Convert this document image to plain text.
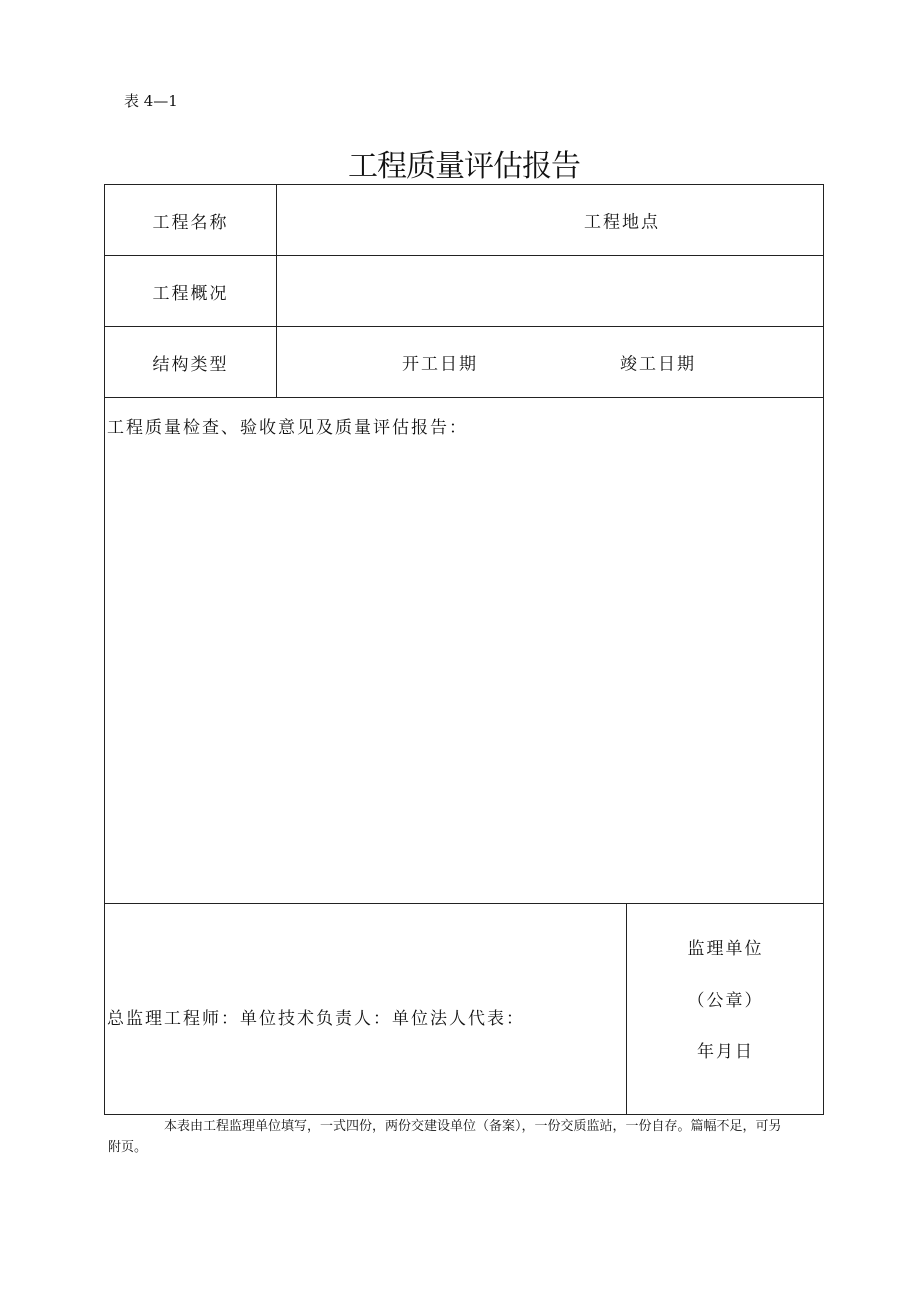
表 4—1
工程质量评估报告
工程名称	工程地点
工程概况
结构类型	开工日期	竣工日期
工程质量检查、验收意见及质量评估报告：
总监理工程师：单位技术负责人：单位法人代表：
监理单位
（公章）
年月日
本表由工程监理单位填写，一式四份，两份交建设单位（备案），一份交质监站，一份自存。篇幅不足，可另附页。
